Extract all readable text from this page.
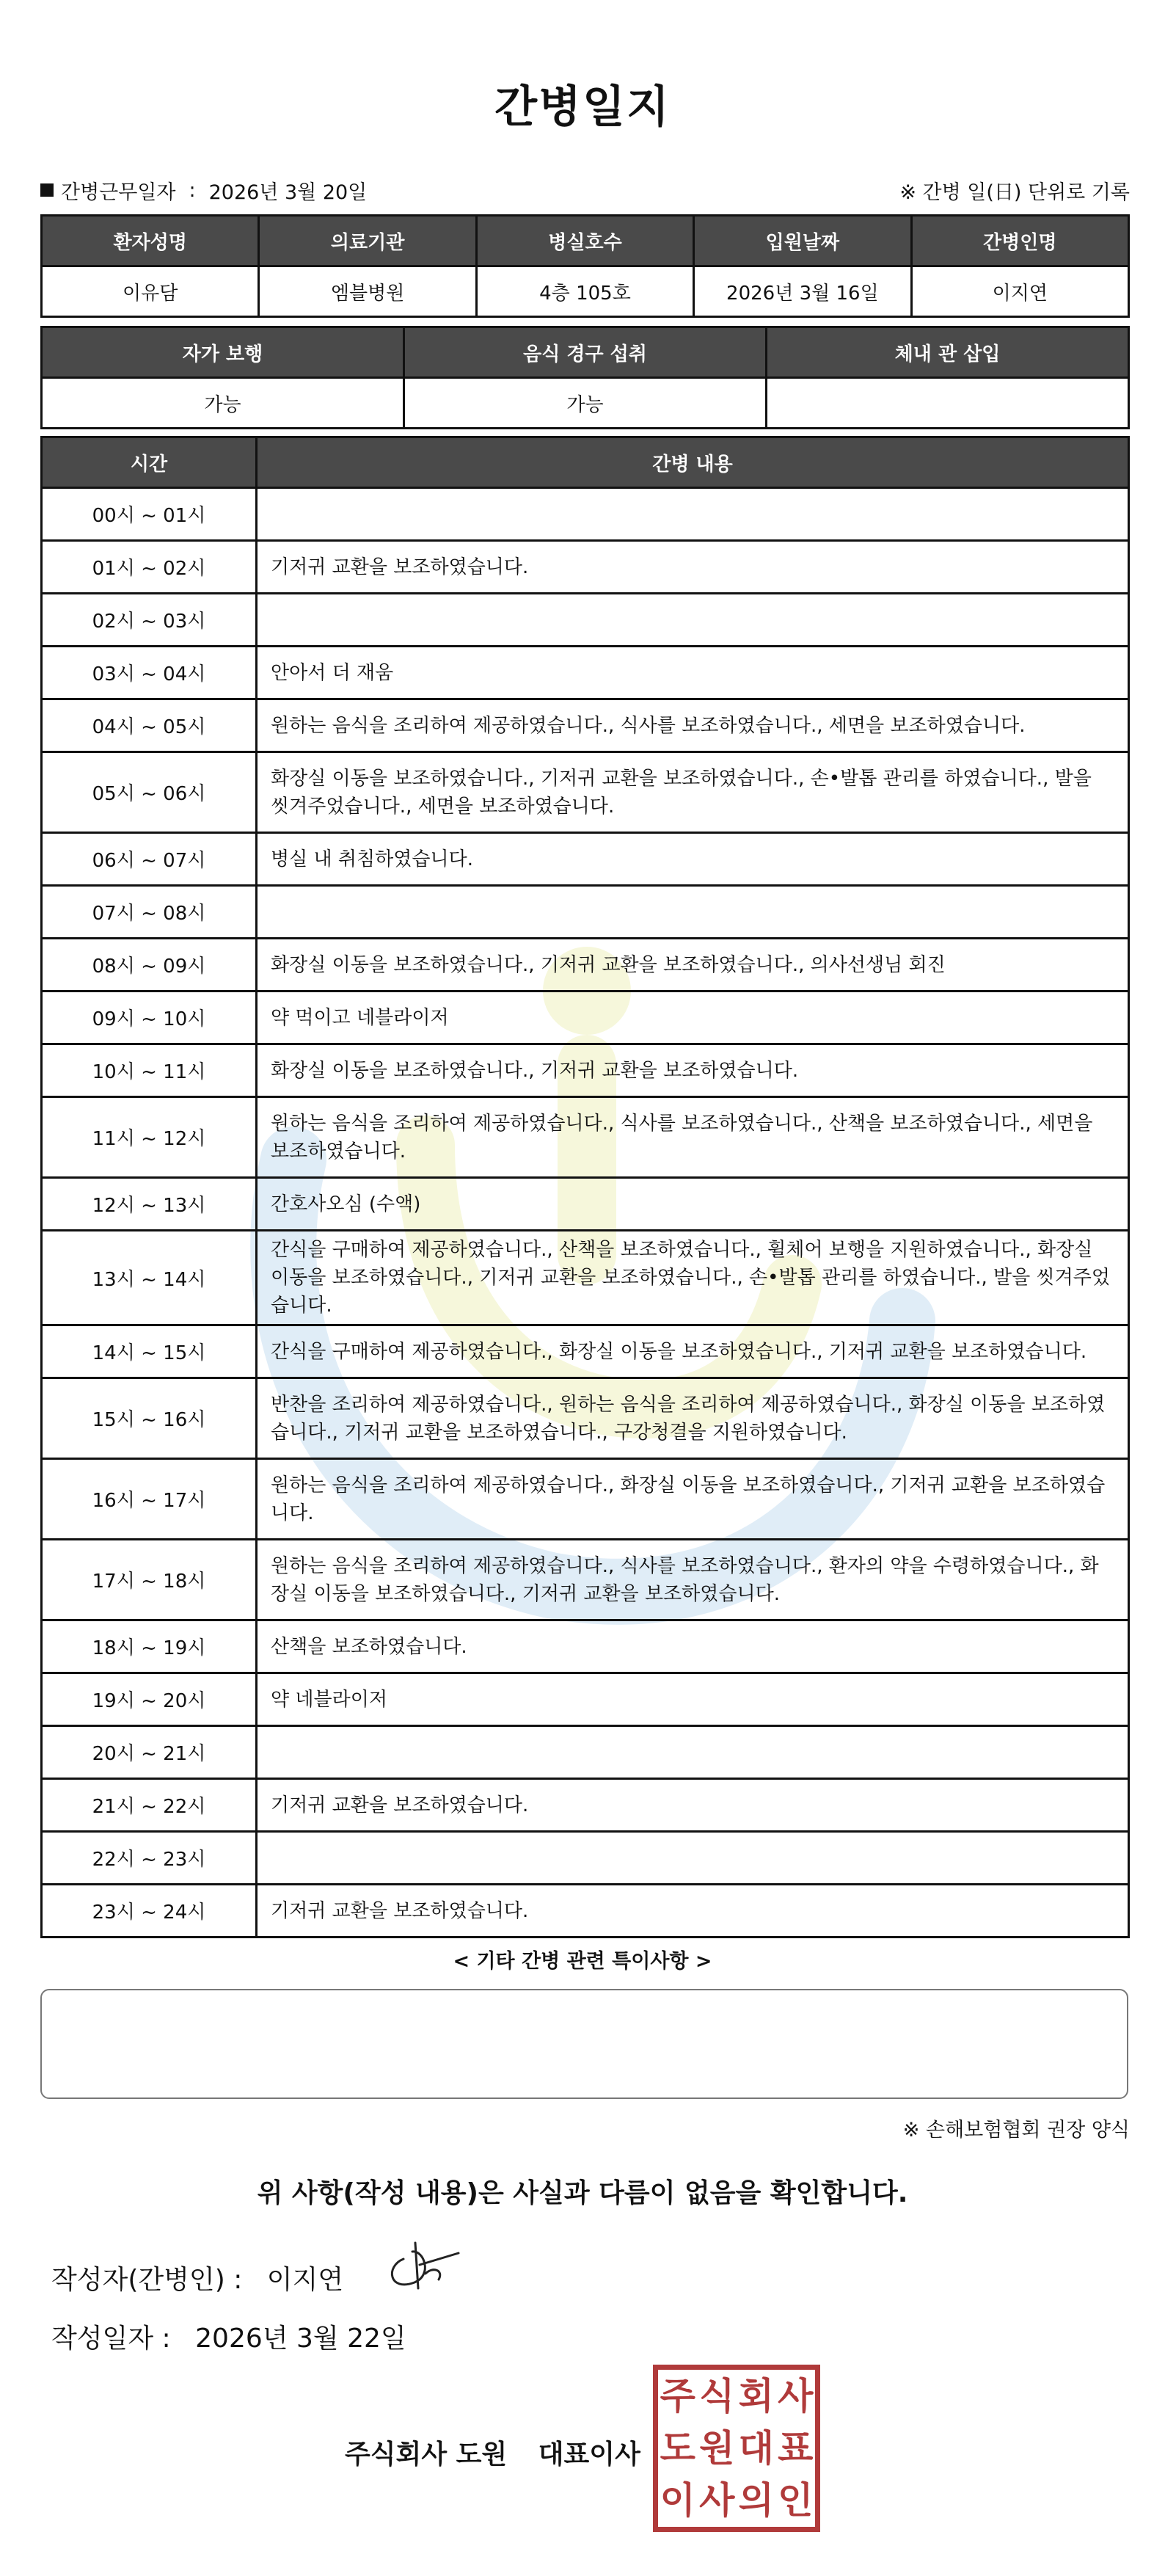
간병일지
간병근무일자 : 2026년 3월 20일	※ 간병 일(日) 단위로 기록
환자성명	의료기관	병실호수	입원날짜	간병인명
이유담	엠블병원	4층 105호	2026년 3월 16일	이지연
자가 보행	음식 경구 섭취	체내 관 삽입
가능	가능	
시간	간병 내용
00시 ~ 01시	
01시 ~ 02시	기저귀 교환을 보조하였습니다.
02시 ~ 03시	
03시 ~ 04시	안아서 더 재움
04시 ~ 05시	원하는 음식을 조리하여 제공하였습니다., 식사를 보조하였습니다., 세면을 보조하였습니다.
05시 ~ 06시	화장실 이동을 보조하였습니다., 기저귀 교환을 보조하였습니다., 손•발톱 관리를 하였습니다., 발을 씻겨주었습니다., 세면을 보조하였습니다.
06시 ~ 07시	병실 내 취침하였습니다.
07시 ~ 08시	
08시 ~ 09시	화장실 이동을 보조하였습니다., 기저귀 교환을 보조하였습니다., 의사선생님 회진
09시 ~ 10시	약 먹이고 네블라이저
10시 ~ 11시	화장실 이동을 보조하였습니다., 기저귀 교환을 보조하였습니다.
11시 ~ 12시	원하는 음식을 조리하여 제공하였습니다., 식사를 보조하였습니다., 산책을 보조하였습니다., 세면을 보조하였습니다.
12시 ~ 13시	간호사오심 (수액)
13시 ~ 14시	간식을 구매하여 제공하였습니다., 산책을 보조하였습니다., 휠체어 보행을 지원하였습니다., 화장실 이동을 보조하였습니다., 기저귀 교환을 보조하였습니다., 손•발톱 관리를 하였습니다., 발을 씻겨주었습니다.
14시 ~ 15시	간식을 구매하여 제공하였습니다., 화장실 이동을 보조하였습니다., 기저귀 교환을 보조하였습니다.
15시 ~ 16시	반찬을 조리하여 제공하였습니다., 원하는 음식을 조리하여 제공하였습니다., 화장실 이동을 보조하였습니다., 기저귀 교환을 보조하였습니다., 구강청결을 지원하였습니다.
16시 ~ 17시	원하는 음식을 조리하여 제공하였습니다., 화장실 이동을 보조하였습니다., 기저귀 교환을 보조하였습니다.
17시 ~ 18시	원하는 음식을 조리하여 제공하였습니다., 식사를 보조하였습니다., 환자의 약을 수령하였습니다., 화장실 이동을 보조하였습니다., 기저귀 교환을 보조하였습니다.
18시 ~ 19시	산책을 보조하였습니다.
19시 ~ 20시	약 네블라이저
20시 ~ 21시	
21시 ~ 22시	기저귀 교환을 보조하였습니다.
22시 ~ 23시	
23시 ~ 24시	기저귀 교환을 보조하였습니다.
< 기타 간병 관련 특이사항 >
※ 손해보험협회 권장 양식
위 사항(작성 내용)은 사실과 다름이 없음을 확인합니다.
작성자(간병인) : 이지연
작성일자 : 2026년 3월 22일
주식회사 도원 대표이사
주 식 회 사
도 원 대 표
이 사 의 인
